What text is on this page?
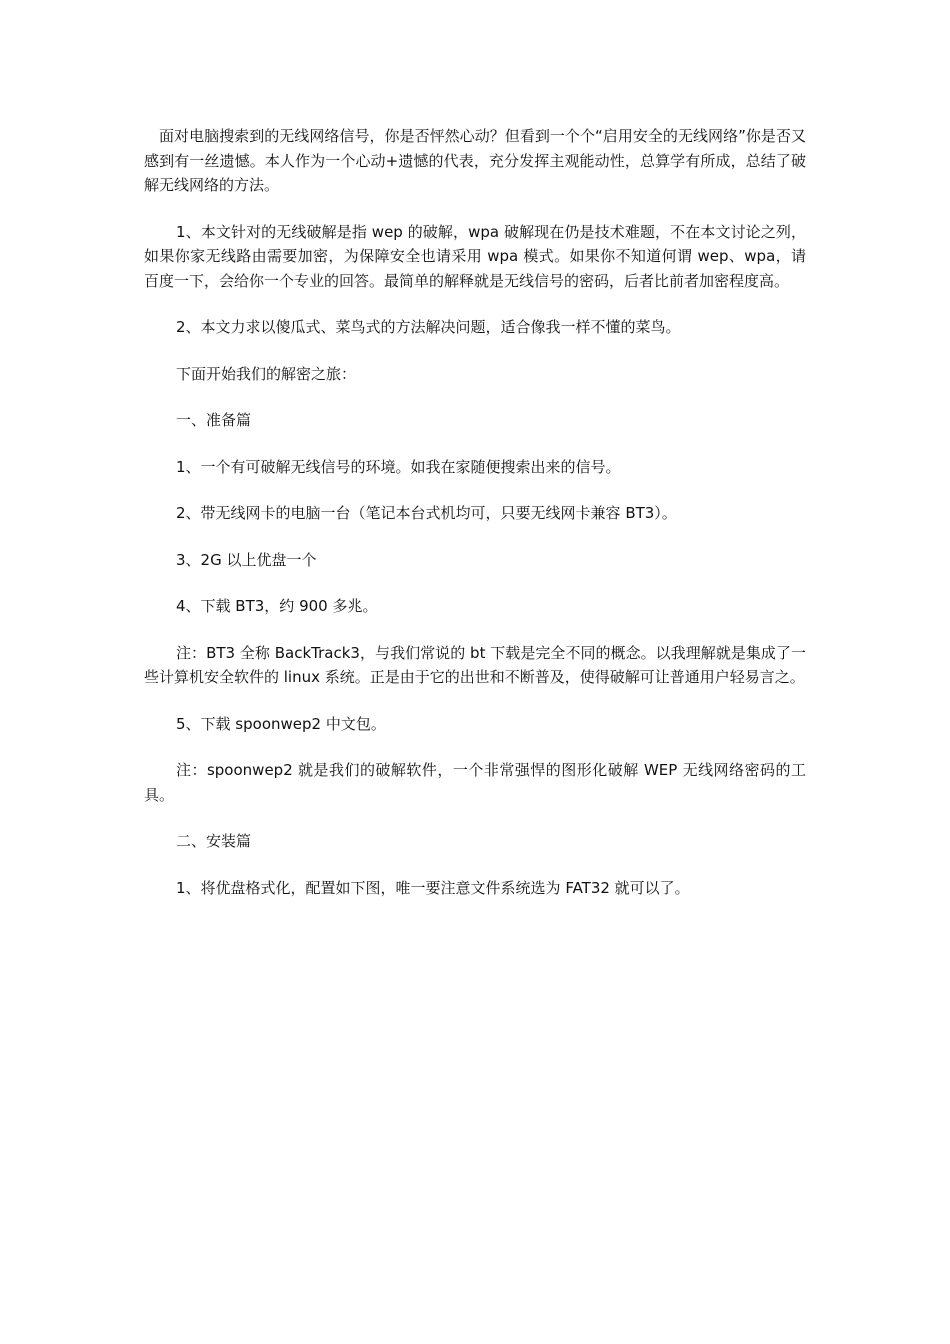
面对电脑搜索到的无线网络信号，你是否怦然心动？但看到一个个“启用安全的无线网络”你是否又感到有一丝遗憾。本人作为一个心动+遗憾的代表，充分发挥主观能动性，总算学有所成，总结了破解无线网络的方法。

1、本文针对的无线破解是指 wep 的破解，wpa 破解现在仍是技术难题，不在本文讨论之列，如果你家无线路由需要加密，为保障安全也请采用 wpa 模式。如果你不知道何谓 wep、wpa，请百度一下，会给你一个专业的回答。最简单的解释就是无线信号的密码，后者比前者加密程度高。

2、本文力求以傻瓜式、菜鸟式的方法解决问题，适合像我一样不懂的菜鸟。

下面开始我们的解密之旅：

一、准备篇

1、一个有可破解无线信号的环境。如我在家随便搜索出来的信号。

2、带无线网卡的电脑一台（笔记本台式机均可，只要无线网卡兼容 BT3）。

3、2G 以上优盘一个

4、下载 BT3，约 900 多兆。

注：BT3 全称 BackTrack3，与我们常说的 bt 下载是完全不同的概念。以我理解就是集成了一些计算机安全软件的 linux 系统。正是由于它的出世和不断普及，使得破解可让普通用户轻易言之。

5、下载 spoonwep2 中文包。

注：spoonwep2 就是我们的破解软件，一个非常强悍的图形化破解 WEP 无线网络密码的工具。

二、安装篇

1、将优盘格式化，配置如下图，唯一要注意文件系统选为 FAT32 就可以了。
